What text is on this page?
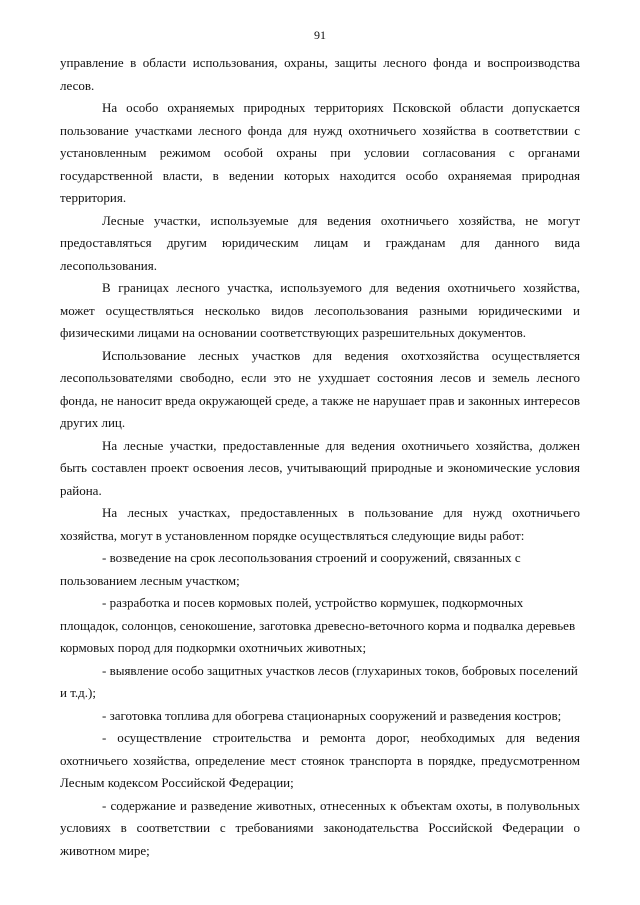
91

управление в области использования, охраны, защиты лесного фонда и воспроизводства лесов.

На особо охраняемых природных территориях Псковской области допускается пользование участками лесного фонда для нужд охотничьего хозяйства в соответствии с установленным режимом особой охраны при условии согласования с органами государственной власти, в ведении которых находится особо охраняемая природная территория.

Лесные участки, используемые для ведения охотничьего хозяйства, не могут предоставляться другим юридическим лицам и гражданам для данного вида лесопользования.

В границах лесного участка, используемого для ведения охотничьего хозяйства, может осуществляться несколько видов лесопользования разными юридическими и физическими лицами на основании соответствующих разрешительных документов.

Использование лесных участков для ведения охотхозяйства осуществляется лесопользователями свободно, если это не ухудшает состояния лесов и земель лесного фонда, не наносит вреда окружающей среде, а также не нарушает прав и законных интересов других лиц.

На лесные участки, предоставленные для ведения охотничьего хозяйства, должен быть составлен проект освоения лесов, учитывающий природные и экономические условия района.

На лесных участках, предоставленных в пользование для нужд охотничьего хозяйства, могут в установленном порядке осуществляться следующие виды работ:

- возведение на срок лесопользования строений и сооружений, связанных с пользованием лесным участком;

- разработка и посев кормовых полей, устройство кормушек, подкормочных площадок, солонцов, сенокошение, заготовка древесно-веточного корма и подвалка деревьев кормовых пород для подкормки охотничьих животных;

- выявление особо защитных участков лесов (глухариных токов, бобровых поселений и т.д.);

- заготовка топлива для обогрева стационарных сооружений и разведения костров;

- осуществление строительства и ремонта дорог, необходимых для ведения охотничьего хозяйства, определение мест стоянок транспорта в порядке, предусмотренном Лесным кодексом Российской Федерации;

- содержание и разведение животных, отнесенных к объектам охоты, в полувольных условиях в соответствии с требованиями законодательства Российской Федерации о животном мире;
